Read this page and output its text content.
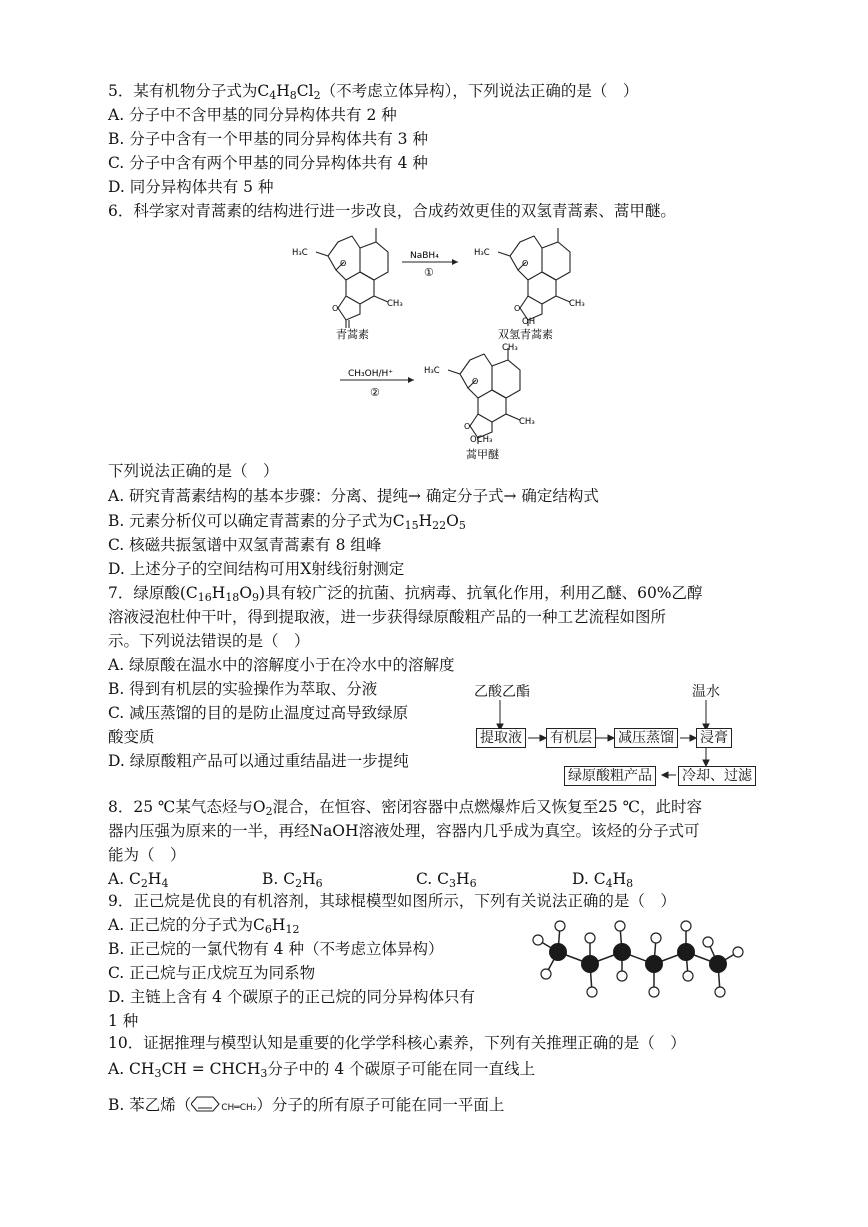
5．某有机物分子式为$C_4H_8Cl_2$（不考虑立体异构），下列说法正确的是（　）
A. 分子中不含甲基的同分异构体共有 2 种
B. 分子中含有一个甲基的同分异构体共有 3 种
C. 分子中含有两个甲基的同分异构体共有 4 种
D. 同分异构体共有 5 种
6．科学家对青蒿素的结构进行进一步改良，合成药效更佳的双氢青蒿素、蒿甲醚。
H₃C
CH₃
O
O
青蒿素
NaBH₄
①
H₃C
CH₃
O
O
OH
双氢青蒿素
CH₃OH/H⁺
②
CH₃
H₃C
CH₃
O
O
OCH₃
蒿甲醚
下列说法正确的是（　）
A. 研究青蒿素结构的基本步骤：分离、提纯→ 确定分子式→ 确定结构式
B. 元素分析仪可以确定青蒿素的分子式为$C_{15}H_{22}O_5$
C. 核磁共振氢谱中双氢青蒿素有 8 组峰
D. 上述分子的空间结构可用X射线衍射测定
7．绿原酸$(C_{16}H_{18}O_9)$具有较广泛的抗菌、抗病毒、抗氧化作用，利用乙醚、60%乙醇
溶液浸泡杜仲干叶，得到提取液，进一步获得绿原酸粗产品的一种工艺流程如图所
示。下列说法错误的是（　）
A. 绿原酸在温水中的溶解度小于在冷水中的溶解度
B. 得到有机层的实验操作为萃取、分液
C. 减压蒸馏的目的是防止温度过高导致绿原
酸变质
D. 绿原酸粗产品可以通过重结晶进一步提纯
乙酸乙酯	温水
提取液 有机层 减压蒸馏 浸膏
冷却、过滤
绿原酸粗产品
8．25 ℃某气态烃与$O_2$混合，在恒容、密闭容器中点燃爆炸后又恢复至25 ℃，此时容
器内压强为原来的一半，再经NaOH溶液处理，容器内几乎成为真空。该烃的分子式可
能为（　）
A. $C_2H_4$	B. $C_2H_6$	C. $C_3H_6$	D. $C_4H_8$
9．正己烷是优良的有机溶剂，其球棍模型如图所示，下列有关说法正确的是（　）
A. 正己烷的分子式为$C_6H_{12}$
B. 正己烷的一氯代物有 4 种（不考虑立体异构）
C. 正己烷与正戊烷互为同系物
D. 主链上含有 4 个碳原子的正己烷的同分异构体只有
1 种
10．证据推理与模型认知是重要的化学学科核心素养，下列有关推理正确的是（　）
A. $CH_3CH$ = $CHCH_3$分子中的 4 个碳原子可能在同一直线上
B. 苯乙烯（	CH═CH₂）分子的所有原子可能在同一平面上
